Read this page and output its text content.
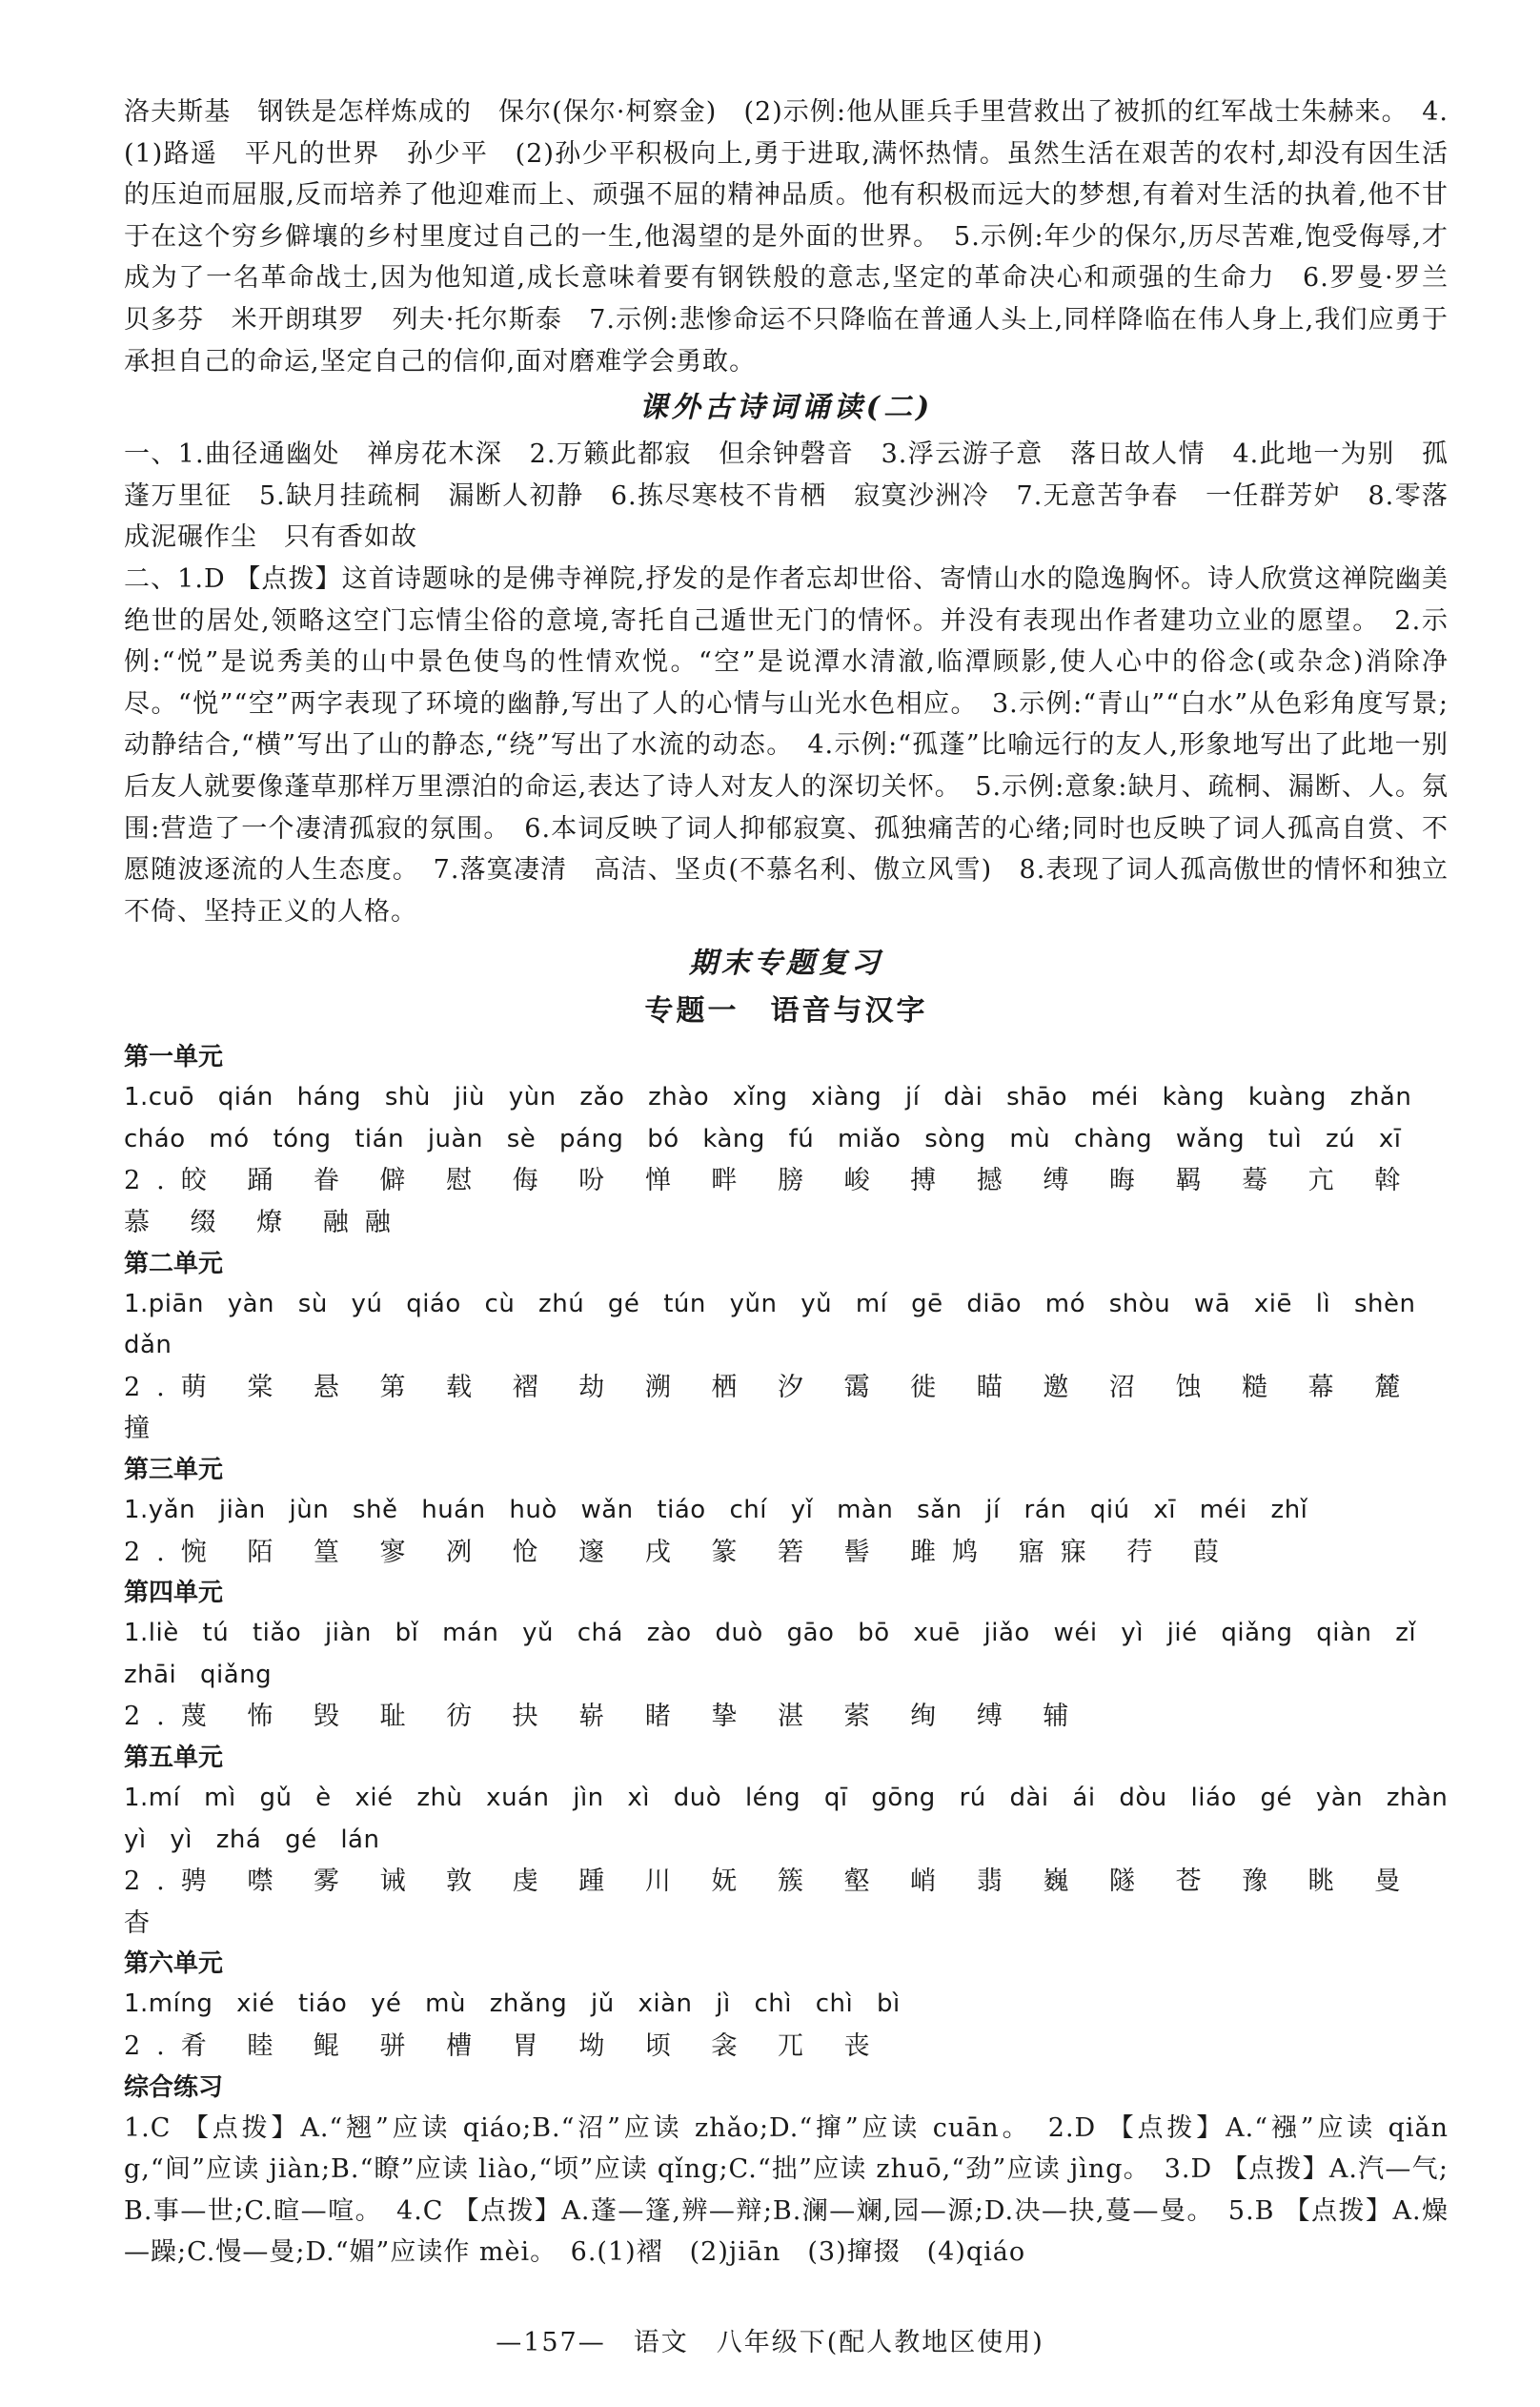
洛夫斯基　钢铁是怎样炼成的　保尔(保尔·柯察金)　(2)示例:他从匪兵手里营救出了被抓的红军战士朱赫来。　4.(1)路遥　平凡的世界　孙少平　(2)孙少平积极向上,勇于进取,满怀热情。虽然生活在艰苦的农村,却没有因生活的压迫而屈服,反而培养了他迎难而上、顽强不屈的精神品质。他有积极而远大的梦想,有着对生活的执着,他不甘于在这个穷乡僻壤的乡村里度过自己的一生,他渴望的是外面的世界。　5.示例:年少的保尔,历尽苦难,饱受侮辱,才成为了一名革命战士,因为他知道,成长意味着要有钢铁般的意志,坚定的革命决心和顽强的生命力　6.罗曼·罗兰　贝多芬　米开朗琪罗　列夫·托尔斯泰　7.示例:悲惨命运不只降临在普通人头上,同样降临在伟人身上,我们应勇于承担自己的命运,坚定自己的信仰,面对磨难学会勇敢。

课外古诗词诵读(二)

一、1.曲径通幽处　禅房花木深　2.万籁此都寂　但余钟磬音　3.浮云游子意　落日故人情　4.此地一为别　孤蓬万里征　5.缺月挂疏桐　漏断人初静　6.拣尽寒枝不肯栖　寂寞沙洲冷　7.无意苦争春　一任群芳妒　8.零落成泥碾作尘　只有香如故

二、1.D 【点拨】这首诗题咏的是佛寺禅院,抒发的是作者忘却世俗、寄情山水的隐逸胸怀。诗人欣赏这禅院幽美绝世的居处,领略这空门忘情尘俗的意境,寄托自己遁世无门的情怀。并没有表现出作者建功立业的愿望。　2.示例:“悦”是说秀美的山中景色使鸟的性情欢悦。“空”是说潭水清澈,临潭顾影,使人心中的俗念(或杂念)消除净尽。“悦”“空”两字表现了环境的幽静,写出了人的心情与山光水色相应。　3.示例:“青山”“白水”从色彩角度写景;动静结合,“横”写出了山的静态,“绕”写出了水流的动态。　4.示例:“孤蓬”比喻远行的友人,形象地写出了此地一别后友人就要像蓬草那样万里漂泊的命运,表达了诗人对友人的深切关怀。　5.示例:意象:缺月、疏桐、漏断、人。氛围:营造了一个凄清孤寂的氛围。　6.本词反映了词人抑郁寂寞、孤独痛苦的心绪;同时也反映了词人孤高自赏、不愿随波逐流的人生态度。　7.落寞凄清　高洁、坚贞(不慕名利、傲立风雪)　8.表现了词人孤高傲世的情怀和独立不倚、坚持正义的人格。

期末专题复习
专题一　语音与汉字
第一单元

1.cuō qián háng shù jiù yùn zǎo zhào xǐng xiàng jí dài shāo méi kàng kuàng zhǎn cháo mó tóng tián juàn sè páng bó kàng fú miǎo sòng mù chàng wǎng tuì zú xī

2.皎 踊 眷 僻 慰 侮 吩 惮 畔 膀 峻 搏 撼 缚 晦 羁 蓦 亢 斡 慕 缀 燎 融融

第二单元

1.piān yàn sù yú qiáo cù zhú gé tún yǔn yǔ mí gē diāo mó shòu wā xiē lì shèn dǎn

2.萌 棠 悬 第 载 褶 劫 溯 栖 汐 霭 徙 瞄 邀 沼 蚀 糙 幕 麓 撞

第三单元

1.yǎn jiàn jùn shě huán huò wǎn tiáo chí yǐ màn sǎn jí rán qiú xī méi zhǐ

2.惋 陌 篁 寥 冽 怆 邃 戌 篆 箬 髻 雎鸠 寤寐 荇 葭

第四单元

1.liè tú tiǎo jiàn bǐ mán yǔ chá zào duò gāo bō xuē jiǎo wéi yì jié qiǎng qiàn zǐ zhāi qiǎng

2.蔑 怖 毁 耻 彷 抉 崭 睹 挚 湛 萦 绚 缚 辅

第五单元

1.mí mì gǔ è xié zhù xuán jìn xì duò léng qī gōng rú dài ái dòu liáo gé yàn zhàn yì yì zhá gé lán

2.骋 噤 雾 诫 敦 虔 踵 川 妩 簇 壑 峭 翡 巍 隧 苍 豫 眺 曼 杳

第六单元

1.míng xié tiáo yé mù zhǎng jǔ xiàn jì chì chì bì

2.肴 睦 鲲 骈 槽 胃 坳 顷 衾 兀 丧

综合练习

1.C 【点拨】A.“翘”应读 qiáo;B.“沼”应读 zhǎo;D.“撺”应读 cuān。　2.D 【点拨】A.“襁”应读 qiǎng,“间”应读 jiàn;B.“瞭”应读 liào,“顷”应读 qǐng;C.“拙”应读 zhuō,“劲”应读 jìng。　3.D 【点拨】A.汽—气;B.事—世;C.暄—喧。　4.C 【点拨】A.蓬—篷,辨—辩;B.澜—斓,园—源;D.决—抉,蔓—曼。　5.B 【点拨】A.燥—躁;C.慢—曼;D.“媚”应读作 mèi。　6.(1)褶　(2)jiān　(3)撺掇　(4)qiáo

—157—　语文　八年级下(配人教地区使用)
